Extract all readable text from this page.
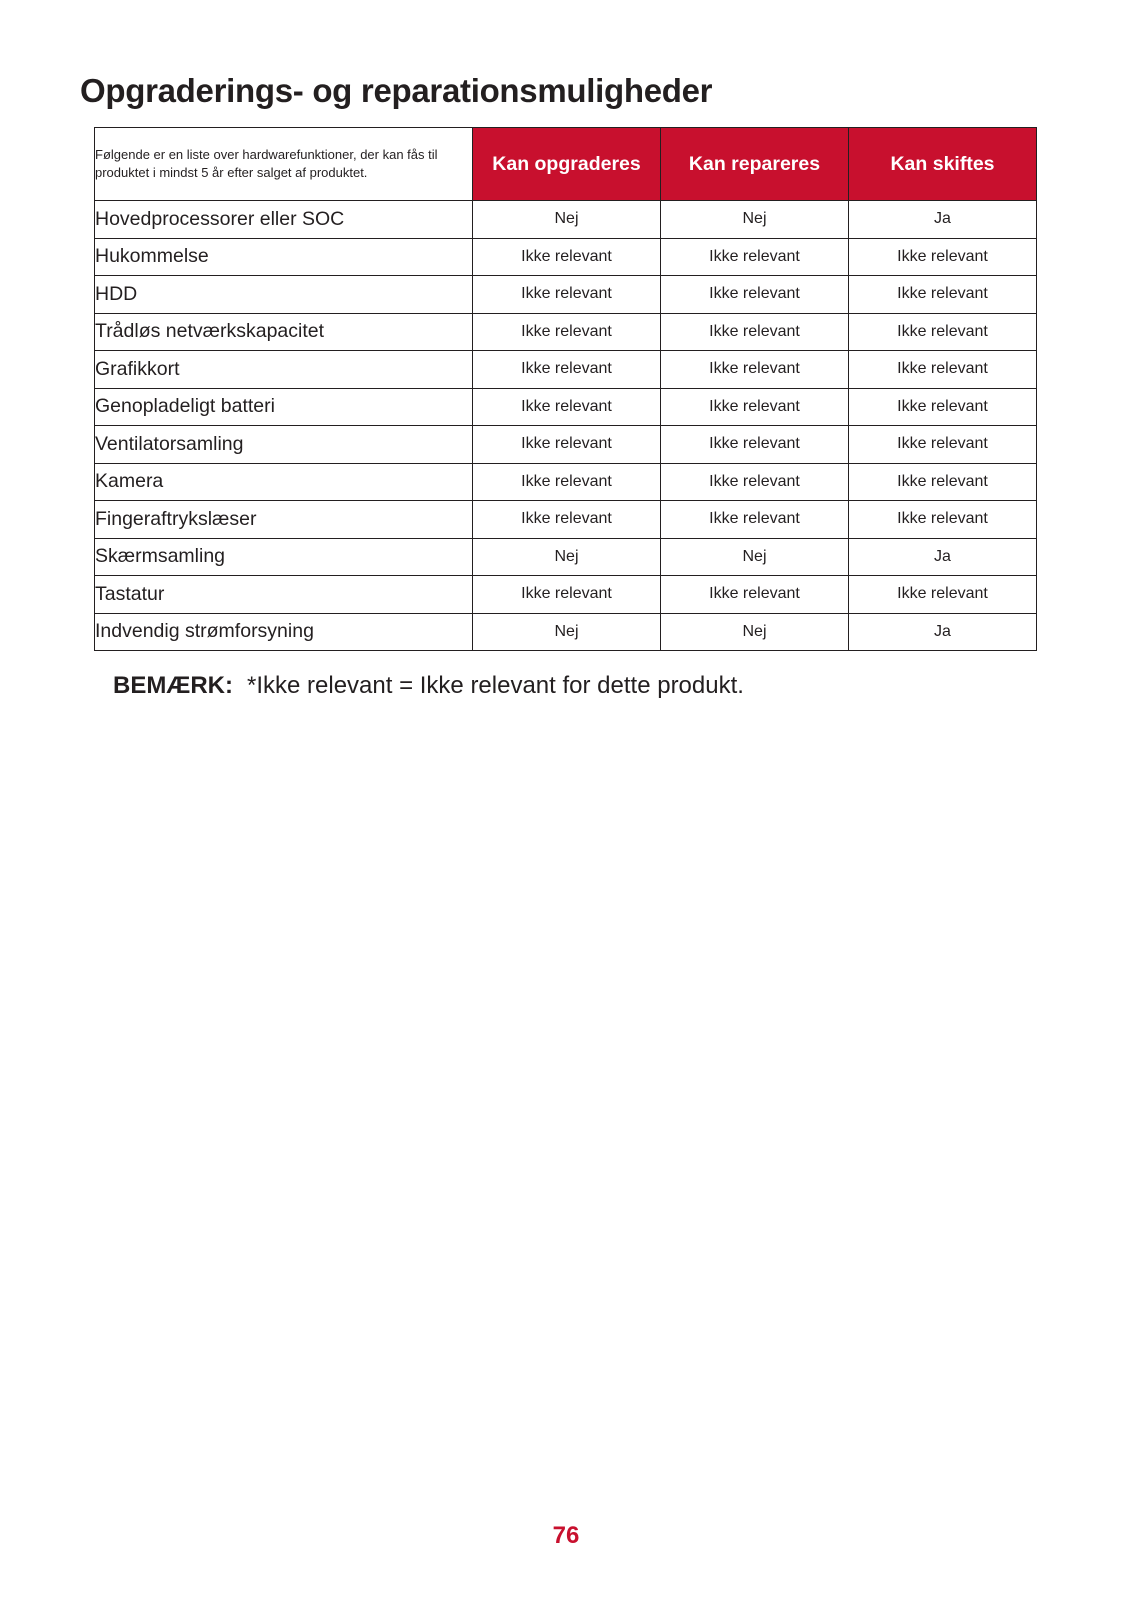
Opgraderings- og reparationsmuligheder
Følgende er en liste over hardwarefunktioner, der kan fås til produktet i mindst 5 år efter salget af produktet.	Kan opgraderes	Kan repareres	Kan skiftes
Hovedprocessorer eller SOC	Nej	Nej	Ja
Hukommelse	Ikke relevant	Ikke relevant	Ikke relevant
HDD	Ikke relevant	Ikke relevant	Ikke relevant
Trådløs netværkskapacitet	Ikke relevant	Ikke relevant	Ikke relevant
Grafikkort	Ikke relevant	Ikke relevant	Ikke relevant
Genopladeligt batteri	Ikke relevant	Ikke relevant	Ikke relevant
Ventilatorsamling	Ikke relevant	Ikke relevant	Ikke relevant
Kamera	Ikke relevant	Ikke relevant	Ikke relevant
Fingeraftrykslæser	Ikke relevant	Ikke relevant	Ikke relevant
Skærmsamling	Nej	Nej	Ja
Tastatur	Ikke relevant	Ikke relevant	Ikke relevant
Indvendig strømforsyning	Nej	Nej	Ja
BEMÆRK: *Ikke relevant = Ikke relevant for dette produkt.
76
